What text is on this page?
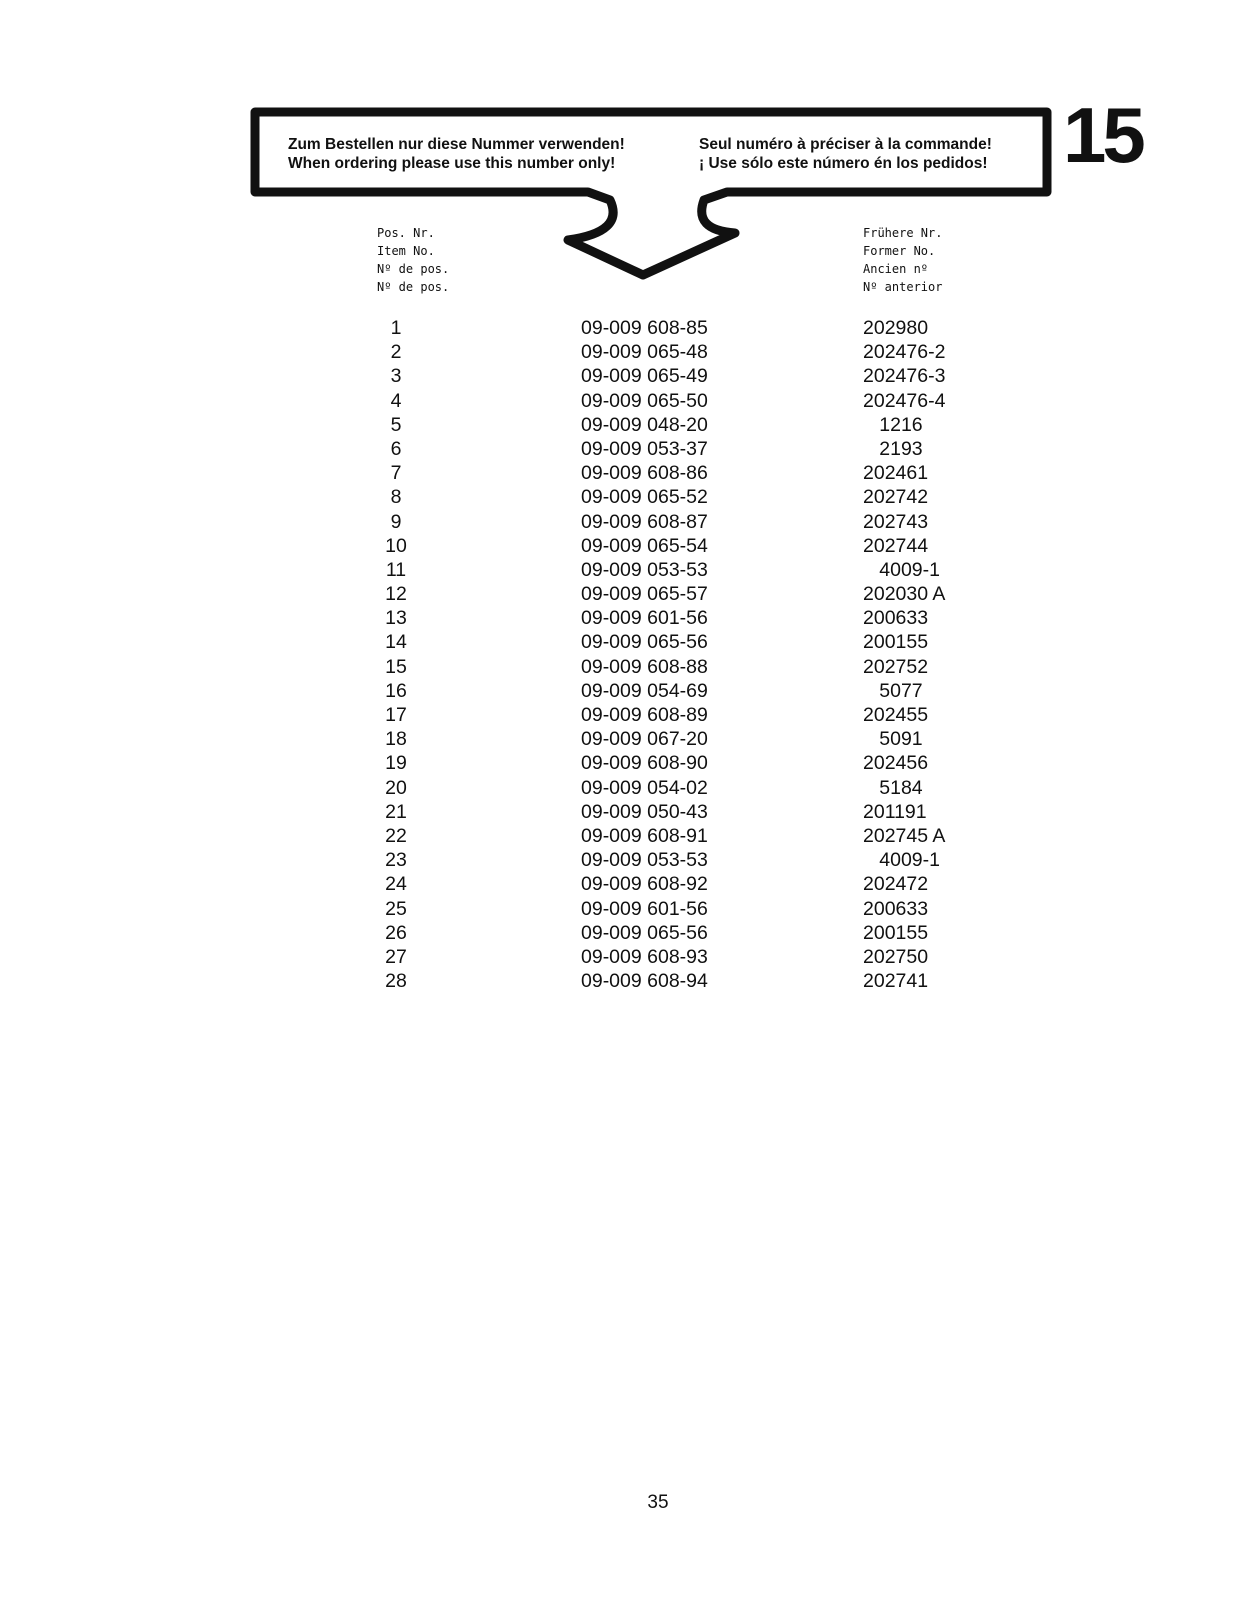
Zum Bestellen nur diese Nummer verwenden!
When ordering please use this number only!
Seul numéro à préciser à la commande!
¡ Use sólo este número én los pedidos! 15
Pos. Nr.
Item No.
Nº de pos.
Nº de pos.
Frühere Nr.
Former No.
Ancien nº
Nº anterior
1	09-009 608-85	202980
2	09-009 065-48	202476-2
3	09-009 065-49	202476-3
4	09-009 065-50	202476-4
5	09-009 048-20	1216
6	09-009 053-37	2193
7	09-009 608-86	202461
8	09-009 065-52	202742
9	09-009 608-87	202743
10	09-009 065-54	202744
11	09-009 053-53	4009-1
12	09-009 065-57	202030 A
13	09-009 601-56	200633
14	09-009 065-56	200155
15	09-009 608-88	202752
16	09-009 054-69	5077
17	09-009 608-89	202455
18	09-009 067-20	5091
19	09-009 608-90	202456
20	09-009 054-02	5184
21	09-009 050-43	201191
22	09-009 608-91	202745 A
23	09-009 053-53	4009-1
24	09-009 608-92	202472
25	09-009 601-56	200633
26	09-009 065-56	200155
27	09-009 608-93	202750
28	09-009 608-94	202741
35
